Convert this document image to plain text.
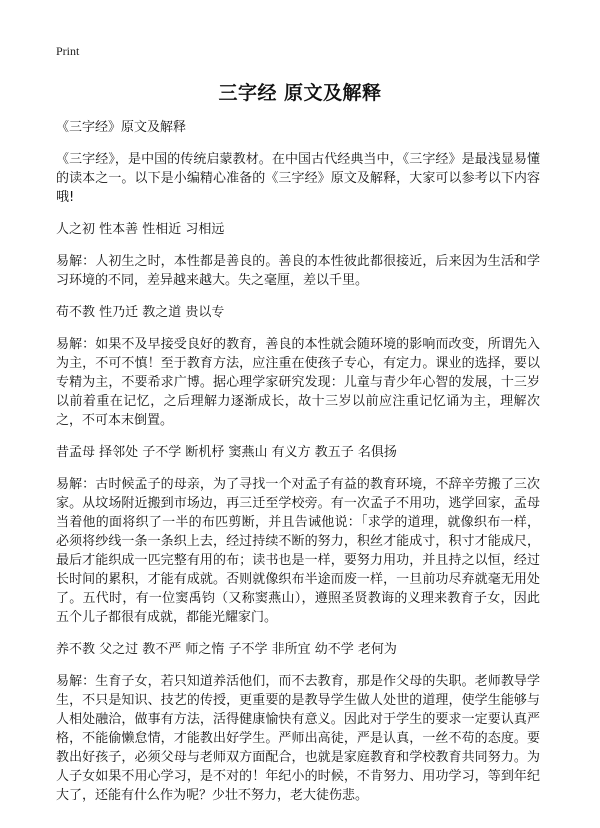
Print
三字经 原文及解释

《三字经》原文及解释

《三字经》，是中国的传统启蒙教材。在中国古代经典当中，《三字经》是最浅显易懂的读本之一。以下是小编精心准备的《三字经》原文及解释，大家可以参考以下内容哦!

人之初 性本善 性相近 习相远

易解：人初生之时，本性都是善良的。善良的本性彼此都很接近，后来因为生活和学习环境的不同，差异越来越大。失之毫厘，差以千里。

苟不教 性乃迁 教之道 贵以专

易解：如果不及早接受良好的教育，善良的本性就会随环境的影响而改变，所谓先入为主，不可不慎！至于教育方法，应注重在使孩子专心，有定力。课业的选择，要以专精为主，不要希求广博。据心理学家研究发现：儿童与青少年心智的发展，十三岁以前着重在记忆，之后理解力逐渐成长，故十三岁以前应注重记忆诵为主，理解次之，不可本末倒置。

昔孟母 择邻处 子不学 断机杼 窦燕山 有义方 教五子 名俱扬

易解：古时候孟子的母亲，为了寻找一个对孟子有益的教育环境，不辞辛劳搬了三次家。从坟场附近搬到市场边，再三迁至学校旁。有一次孟子不用功，逃学回家，孟母当着他的面将织了一半的布匹剪断，并且告诫他说：「求学的道理，就像织布一样，必须将纱线一条一条织上去，经过持续不断的努力，积丝才能成寸，积寸才能成尺，最后才能织成一匹完整有用的布；读书也是一样，要努力用功，并且持之以恒，经过长时间的累积，才能有成就。否则就像织布半途而废一样，一旦前功尽弃就毫无用处了。五代时，有一位窦禹钧（又称窦燕山），遵照圣贤教诲的义理来教育子女，因此五个儿子都很有成就，都能光耀家门。

养不教 父之过 教不严 师之惰 子不学 非所宜 幼不学 老何为

易解：生育子女，若只知道养活他们，而不去教育，那是作父母的失职。老师教导学生，不只是知识、技艺的传授，更重要的是教导学生做人处世的道理，使学生能够与人相处融洽，做事有方法，活得健康愉快有意义。因此对于学生的要求一定要认真严格，不能偷懒怠情，才能教出好学生。严师出高徒，严是认真，一丝不苟的态度。要教出好孩子，必须父母与老师双方面配合，也就是家庭教育和学校教育共同努力。为人子女如果不用心学习，是不对的！年纪小的时候，不肯努力、用功学习，等到年纪大了，还能有什么作为呢？少壮不努力，老大徒伤悲。
